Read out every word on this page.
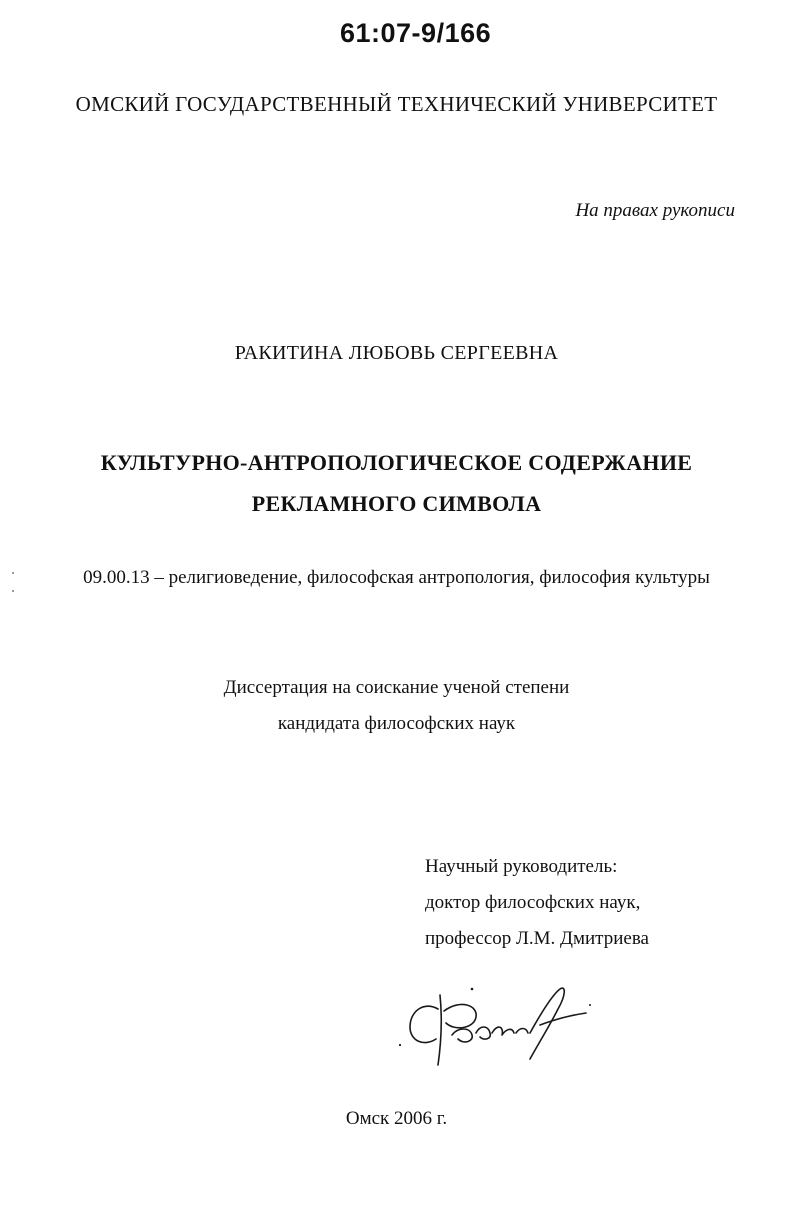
61:07-9/166
ОМСКИЙ ГОСУДАРСТВЕННЫЙ ТЕХНИЧЕСКИЙ УНИВЕРСИТЕТ
На правах рукописи
РАКИТИНА ЛЮБОВЬ СЕРГЕЕВНА
КУЛЬТУРНО-АНТРОПОЛОГИЧЕСКОЕ СОДЕРЖАНИЕ
РЕКЛАМНОГО СИМВОЛА
09.00.13 – религиоведение, философская антропология, философия культуры
Диссертация на соискание ученой степени
кандидата философских наук
Научный руководитель:
доктор философских наук,
профессор Л.М. Дмитриева
Омск 2006 г.
